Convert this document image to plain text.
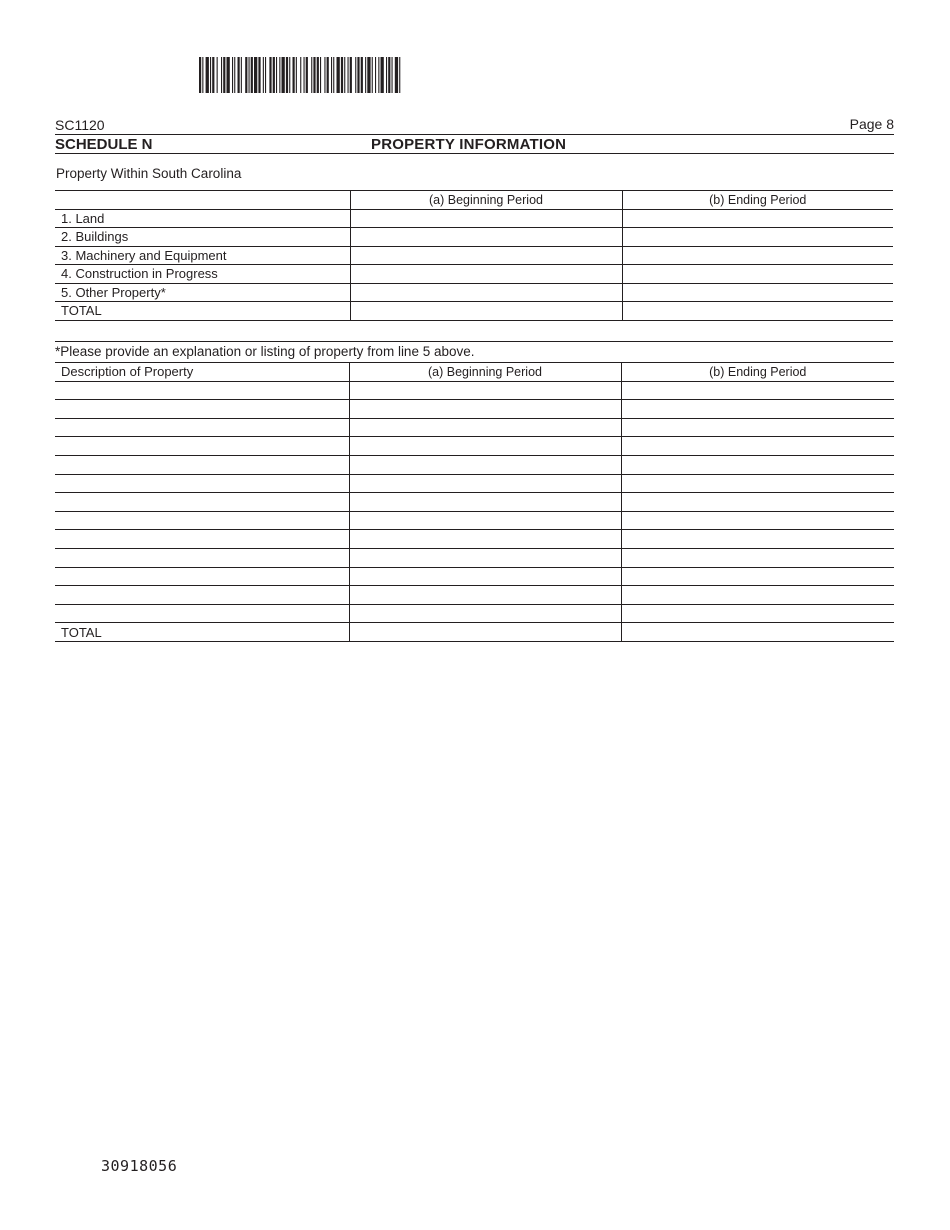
SC1120	Page 8
SCHEDULE N	PROPERTY INFORMATION
Property Within South Carolina
	(a) Beginning Period	(b) Ending Period
1. Land		
2. Buildings		
3. Machinery and Equipment		
4. Construction in Progress		
5. Other Property*		
TOTAL		
*Please provide an explanation or listing of property from line 5 above.
Description of Property	(a) Beginning Period	(b) Ending Period

TOTAL		
30918056
